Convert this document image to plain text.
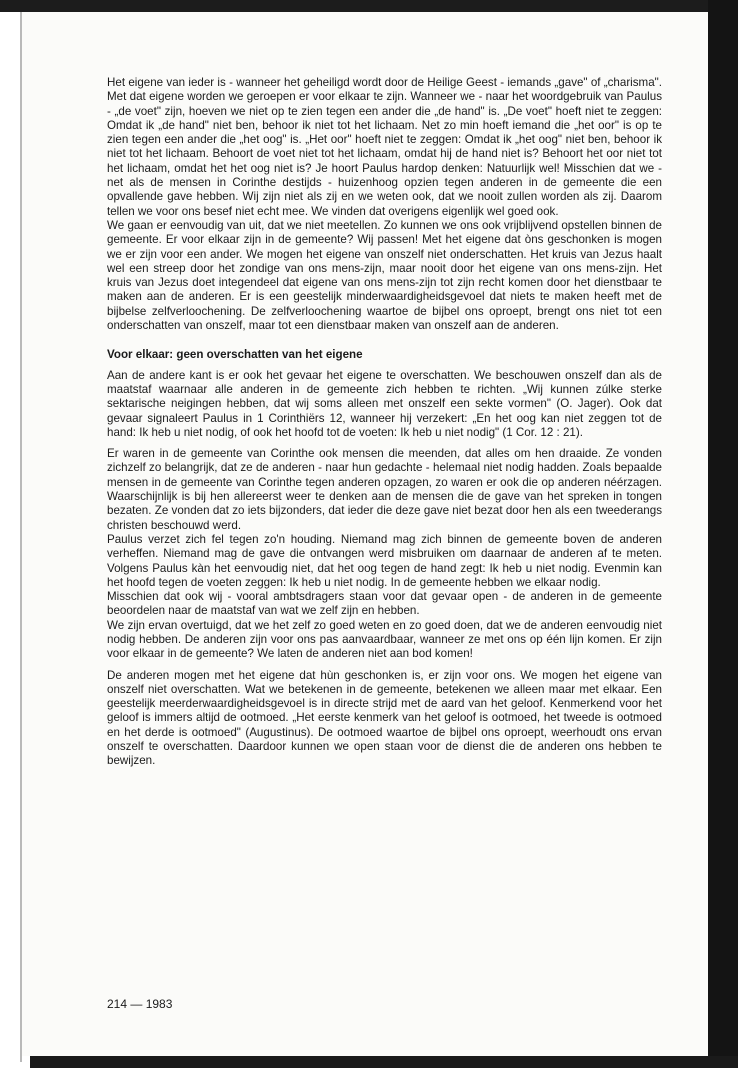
Het eigene van ieder is - wanneer het geheiligd wordt door de Heilige Geest - iemands „gave" of „charisma". Met dat eigene worden we geroepen er voor elkaar te zijn. Wanneer we - naar het woordgebruik van Paulus - „de voet" zijn, hoeven we niet op te zien tegen een ander die „de hand" is. „De voet" hoeft niet te zeggen: Omdat ik „de hand" niet ben, behoor ik niet tot het lichaam. Net zo min hoeft iemand die „het oor" is op te zien tegen een ander die „het oog" is. „Het oor" hoeft niet te zeggen: Omdat ik „het oog" niet ben, behoor ik niet tot het lichaam. Behoort de voet niet tot het lichaam, omdat hij de hand niet is? Behoort het oor niet tot het lichaam, omdat het het oog niet is? Je hoort Paulus hardop denken: Natuurlijk wel! Misschien dat we - net als de mensen in Corinthe destijds - huizenhoog opzien tegen anderen in de gemeente die een opvallende gave hebben. Wij zijn niet als zij en we weten ook, dat we nooit zullen worden als zij. Daarom tellen we voor ons besef niet echt mee. We vinden dat overigens eigenlijk wel goed ook.

We gaan er eenvoudig van uit, dat we niet meetellen. Zo kunnen we ons ook vrijblijvend opstellen binnen de gemeente. Er voor elkaar zijn in de gemeente? Wij passen! Met het eigene dat òns geschonken is mogen we er zijn voor een ander. We mogen het eigene van onszelf niet onderschatten. Het kruis van Jezus haalt wel een streep door het zondige van ons mens-zijn, maar nooit door het eigene van ons mens-zijn. Het kruis van Jezus doet integendeel dat eigene van ons mens-zijn tot zijn recht komen door het dienstbaar te maken aan de anderen. Er is een geestelijk minderwaardigheidsgevoel dat niets te maken heeft met de bijbelse zelfverloochening. De zelfverloochening waartoe de bijbel ons oproept, brengt ons niet tot een onderschatten van onszelf, maar tot een dienstbaar maken van onszelf aan de anderen.

Voor elkaar: geen overschatten van het eigene

Aan de andere kant is er ook het gevaar het eigene te overschatten. We beschouwen onszelf dan als de maatstaf waarnaar alle anderen in de gemeente zich hebben te richten. „Wij kunnen zúlke sterke sektarische neigingen hebben, dat wij soms alleen met onszelf een sekte vormen" (O. Jager). Ook dat gevaar signaleert Paulus in 1 Corinthiërs 12, wanneer hij verzekert: „En het oog kan niet zeggen tot de hand: Ik heb u niet nodig, of ook het hoofd tot de voeten: Ik heb u niet nodig" (1 Cor. 12 : 21).

Er waren in de gemeente van Corinthe ook mensen die meenden, dat alles om hen draaide. Ze vonden zichzelf zo belangrijk, dat ze de anderen - naar hun gedachte - helemaal niet nodig hadden. Zoals bepaalde mensen in de gemeente van Corinthe tegen anderen opzagen, zo waren er ook die op anderen néérzagen. Waarschijnlijk is bij hen allereerst weer te denken aan de mensen die de gave van het spreken in tongen bezaten. Ze vonden dat zo iets bijzonders, dat ieder die deze gave niet bezat door hen als een tweederangs christen beschouwd werd.

Paulus verzet zich fel tegen zo'n houding. Niemand mag zich binnen de gemeente boven de anderen verheffen. Niemand mag de gave die ontvangen werd misbruiken om daarnaar de anderen af te meten. Volgens Paulus kàn het eenvoudig niet, dat het oog tegen de hand zegt: Ik heb u niet nodig. Evenmin kan het hoofd tegen de voeten zeggen: Ik heb u niet nodig. In de gemeente hebben we elkaar nodig.

Misschien dat ook wij - vooral ambtsdragers staan voor dat gevaar open - de anderen in de gemeente beoordelen naar de maatstaf van wat we zelf zijn en hebben.

We zijn ervan overtuigd, dat we het zelf zo goed weten en zo goed doen, dat we de anderen eenvoudig niet nodig hebben. De anderen zijn voor ons pas aanvaardbaar, wanneer ze met ons op één lijn komen. Er zijn voor elkaar in de gemeente? We laten de anderen niet aan bod komen!

De anderen mogen met het eigene dat hùn geschonken is, er zijn voor ons. We mogen het eigene van onszelf niet overschatten. Wat we betekenen in de gemeente, betekenen we alleen maar met elkaar. Een geestelijk meerderwaardigheidsgevoel is in directe strijd met de aard van het geloof. Kenmerkend voor het geloof is immers altijd de ootmoed. „Het eerste kenmerk van het geloof is ootmoed, het tweede is ootmoed en het derde is ootmoed" (Augustinus). De ootmoed waartoe de bijbel ons oproept, weerhoudt ons ervan onszelf te overschatten. Daardoor kunnen we open staan voor de dienst die de anderen ons hebben te bewijzen.

214 — 1983
